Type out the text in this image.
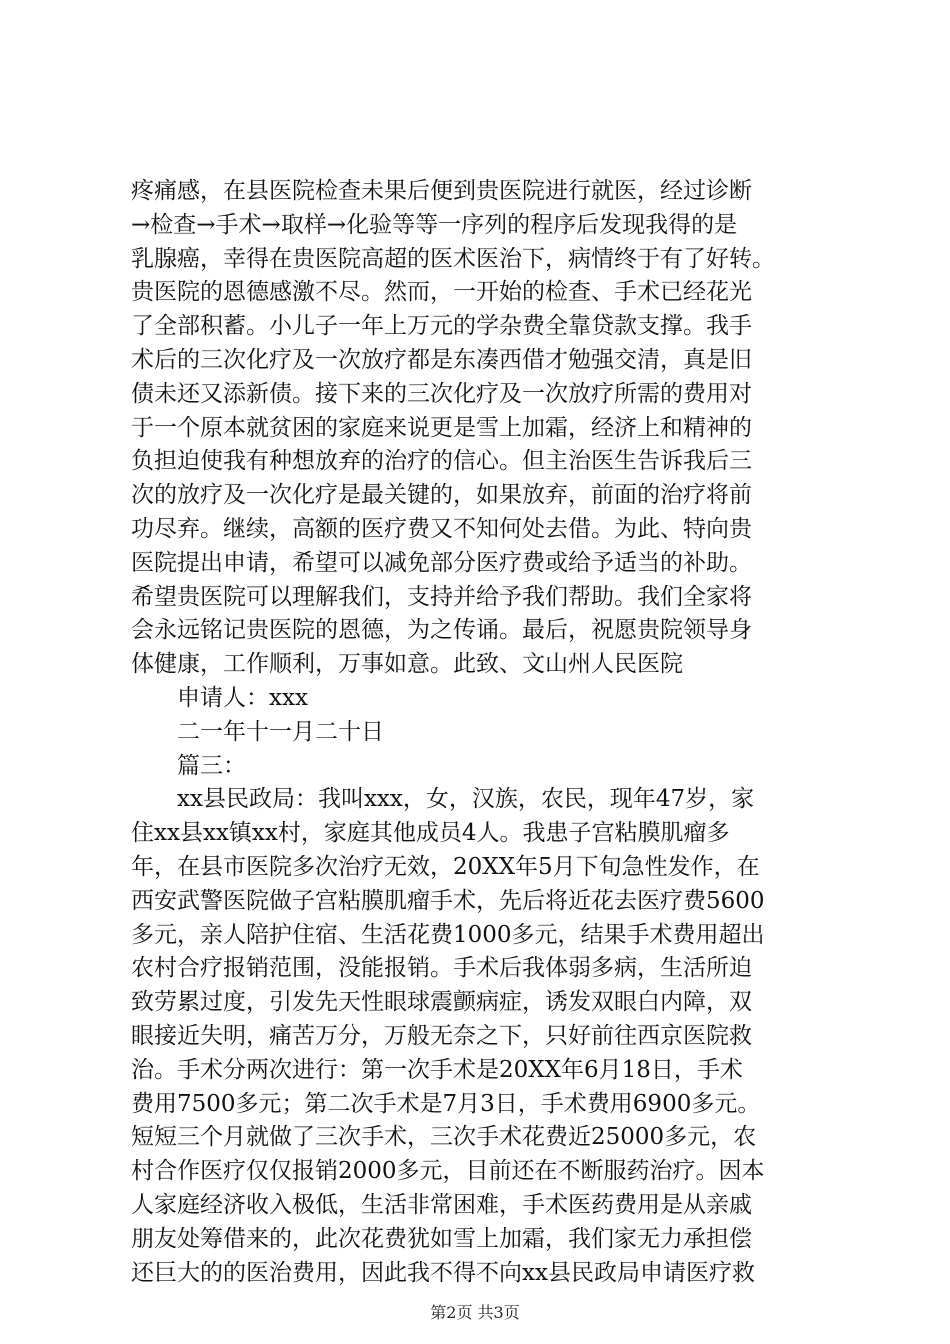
疼痛感，在县医院检查未果后便到贵医院进行就医，经过诊断
→检查→手术→取样→化验等等一序列的程序后发现我得的是
乳腺癌，幸得在贵医院高超的医术医治下，病情终于有了好转。
贵医院的恩德感激不尽。然而，一开始的检查、手术已经花光
了全部积蓄。小儿子一年上万元的学杂费全靠贷款支撑。我手
术后的三次化疗及一次放疗都是东凑西借才勉强交清，真是旧
债未还又添新债。接下来的三次化疗及一次放疗所需的费用对
于一个原本就贫困的家庭来说更是雪上加霜，经济上和精神的
负担迫使我有种想放弃的治疗的信心。但主治医生告诉我后三
次的放疗及一次化疗是最关键的，如果放弃，前面的治疗将前
功尽弃。继续，高额的医疗费又不知何处去借。为此、特向贵
医院提出申请，希望可以减免部分医疗费或给予适当的补助。
希望贵医院可以理解我们，支持并给予我们帮助。我们全家将
会永远铭记贵医院的恩德，为之传诵。最后，祝愿贵院领导身
体健康，工作顺利，万事如意。此致、文山州人民医院
申请人：xxx
二一年十一月二十日
篇三：
xx县民政局：我叫xxx，女，汉族，农民，现年47岁，家
住xx县xx镇xx村，家庭其他成员4人。我患子宫粘膜肌瘤多
年，在县市医院多次治疗无效，20XX年5月下旬急性发作，在
西安武警医院做子宫粘膜肌瘤手术，先后将近花去医疗费5600
多元，亲人陪护住宿、生活花费1000多元，结果手术费用超出
农村合疗报销范围，没能报销。手术后我体弱多病，生活所迫
致劳累过度，引发先天性眼球震颤病症，诱发双眼白内障，双
眼接近失明，痛苦万分，万般无奈之下，只好前往西京医院救
治。手术分两次进行：第一次手术是20XX年6月18日，手术
费用7500多元；第二次手术是7月3日，手术费用6900多元。
短短三个月就做了三次手术，三次手术花费近25000多元，农
村合作医疗仅仅报销2000多元，目前还在不断服药治疗。因本
人家庭经济收入极低，生活非常困难，手术医药费用是从亲戚
朋友处筹借来的，此次花费犹如雪上加霜，我们家无力承担偿
还巨大的的医治费用，因此我不得不向xx县民政局申请医疗救
第2页 共3页
